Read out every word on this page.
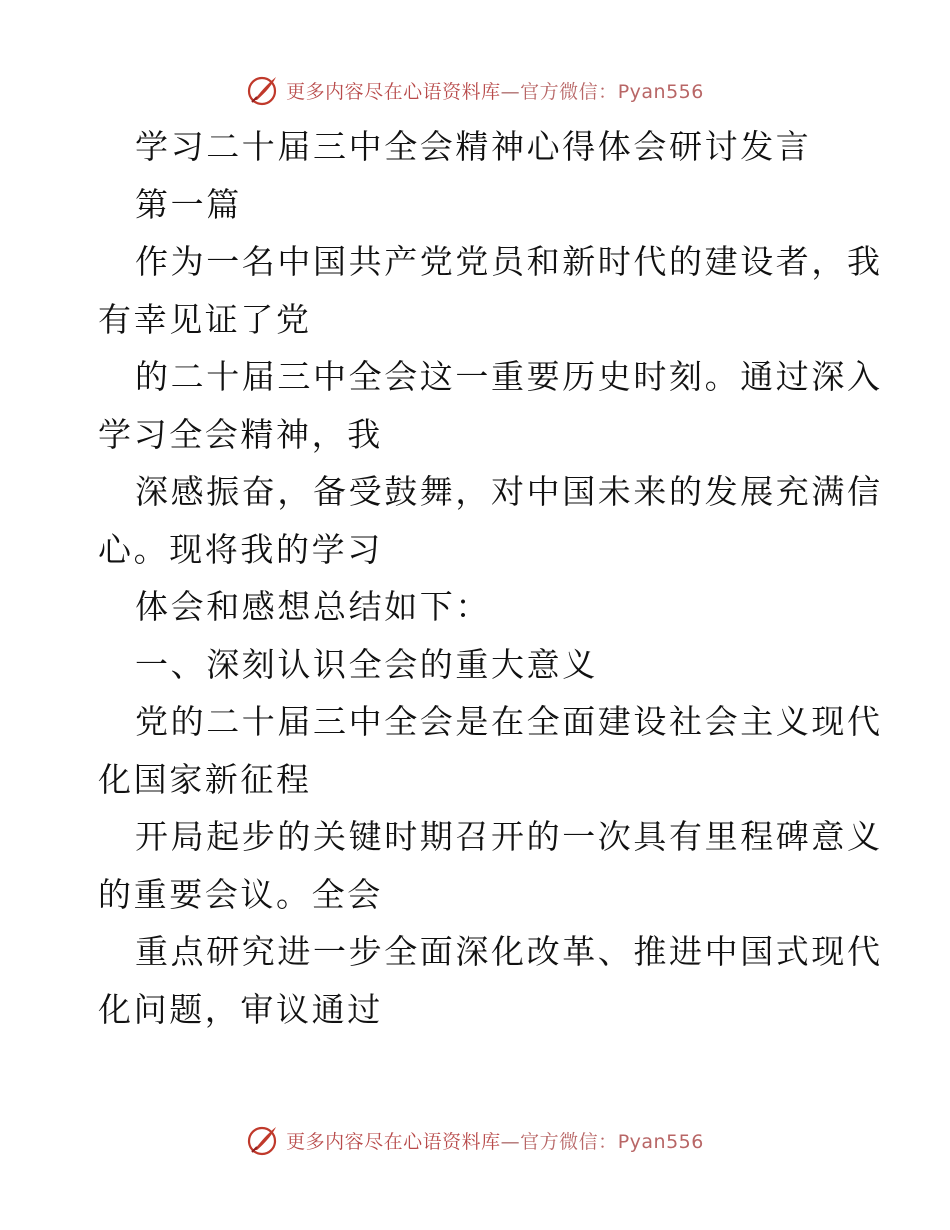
更多内容尽在心语资料库—官方微信：Pyan556
学习二十届三中全会精神心得体会研讨发言
第一篇
作为一名中国共产党党员和新时代的建设者，我
有幸见证了党
的二十届三中全会这一重要历史时刻。通过深入
学习全会精神，我
深感振奋，备受鼓舞，对中国未来的发展充满信
心。现将我的学习
体会和感想总结如下：
一、深刻认识全会的重大意义
党的二十届三中全会是在全面建设社会主义现代
化国家新征程
开局起步的关键时期召开的一次具有里程碑意义
的重要会议。全会
重点研究进一步全面深化改革、推进中国式现代
化问题，审议通过
更多内容尽在心语资料库—官方微信：Pyan556
